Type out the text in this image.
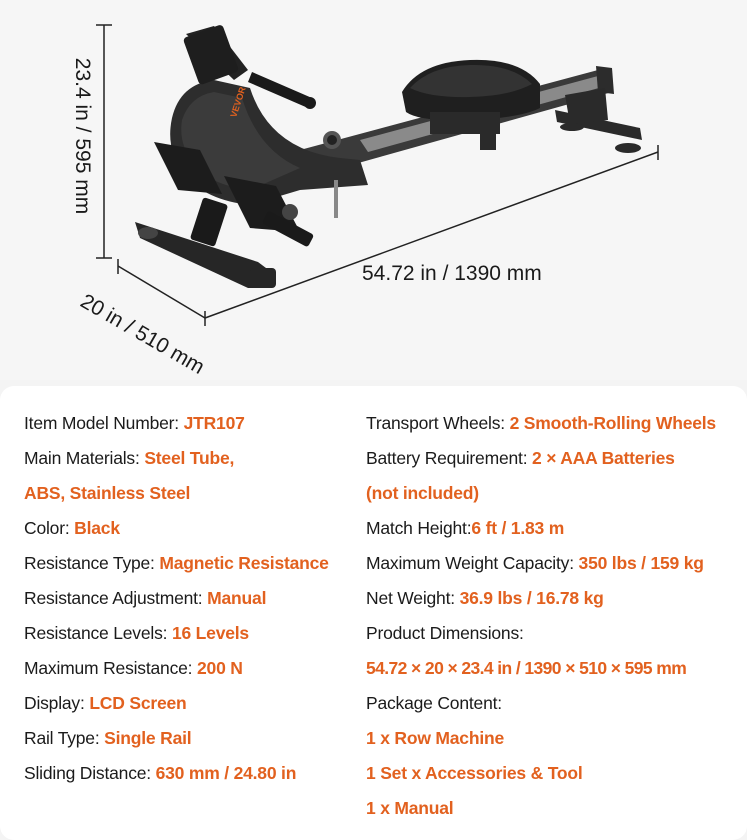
VEVOR
23.4 in / 595 mm
54.72 in / 1390 mm
20 in / 510 mm
Item Model Number: JTR107
Main Materials: Steel Tube,
ABS, Stainless Steel
Color: Black
Resistance Type: Magnetic Resistance
Resistance Adjustment: Manual
Resistance Levels: 16 Levels
Maximum Resistance: 200 N
Display: LCD Screen
Rail Type: Single Rail
Sliding Distance: 630 mm / 24.80 in
Transport Wheels: 2 Smooth-Rolling Wheels
Battery Requirement: 2 × AAA Batteries
(not included)
Match Height:6 ft / 1.83 m
Maximum Weight Capacity: 350 lbs / 159 kg
Net Weight: 36.9 lbs / 16.78 kg
Product Dimensions:
54.72 × 20 × 23.4 in / 1390 × 510 × 595 mm
Package Content:
1 x Row Machine
1 Set x Accessories & Tool
1 x Manual
